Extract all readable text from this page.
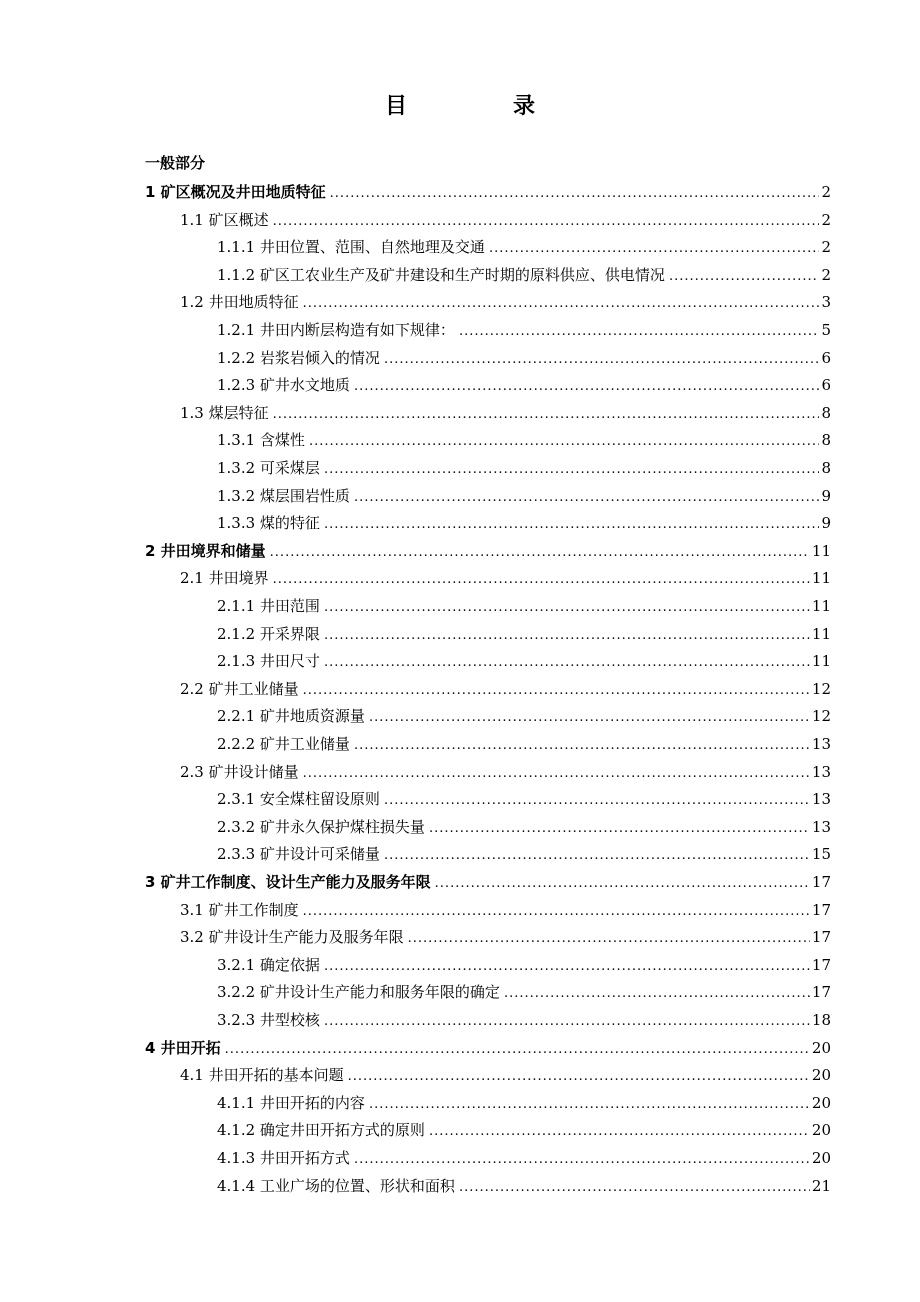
目　录
一般部分
1 矿区概况及井田地质特征 .....	2
1.1 矿区概述 .....	2
1.1.1 井田位置、范围、自然地理及交通 .....	2
1.1.2 矿区工农业生产及矿井建设和生产时期的原料供应、供电情况 .....	2
1.2 井田地质特征 .....	3
1.2.1 井田内断层构造有如下规律： .....	5
1.2.2 岩浆岩倾入的情况 .....	6
1.2.3 矿井水文地质 .....	6
1.3 煤层特征 .....	8
1.3.1 含煤性 .....	8
1.3.2 可采煤层 .....	8
1.3.2 煤层围岩性质 .....	9
1.3.3 煤的特征 .....	9
2 井田境界和储量 .....	11
2.1 井田境界 .....	11
2.1.1 井田范围 .....	11
2.1.2 开采界限 .....	11
2.1.3 井田尺寸 .....	11
2.2 矿井工业储量 .....	12
2.2.1 矿井地质资源量 .....	12
2.2.2 矿井工业储量 .....	13
2.3 矿井设计储量 .....	13
2.3.1 安全煤柱留设原则 .....	13
2.3.2 矿井永久保护煤柱损失量 .....	13
2.3.3 矿井设计可采储量 .....	15
3 矿井工作制度、设计生产能力及服务年限 .....	17
3.1 矿井工作制度 .....	17
3.2 矿井设计生产能力及服务年限 .....	17
3.2.1 确定依据 .....	17
3.2.2 矿井设计生产能力和服务年限的确定 .....	17
3.2.3 井型校核 .....	18
4 井田开拓 .....	20
4.1 井田开拓的基本问题 .....	20
4.1.1 井田开拓的内容 .....	20
4.1.2 确定井田开拓方式的原则 .....	20
4.1.3 井田开拓方式 .....	20
4.1.4 工业广场的位置、形状和面积 .....	21
